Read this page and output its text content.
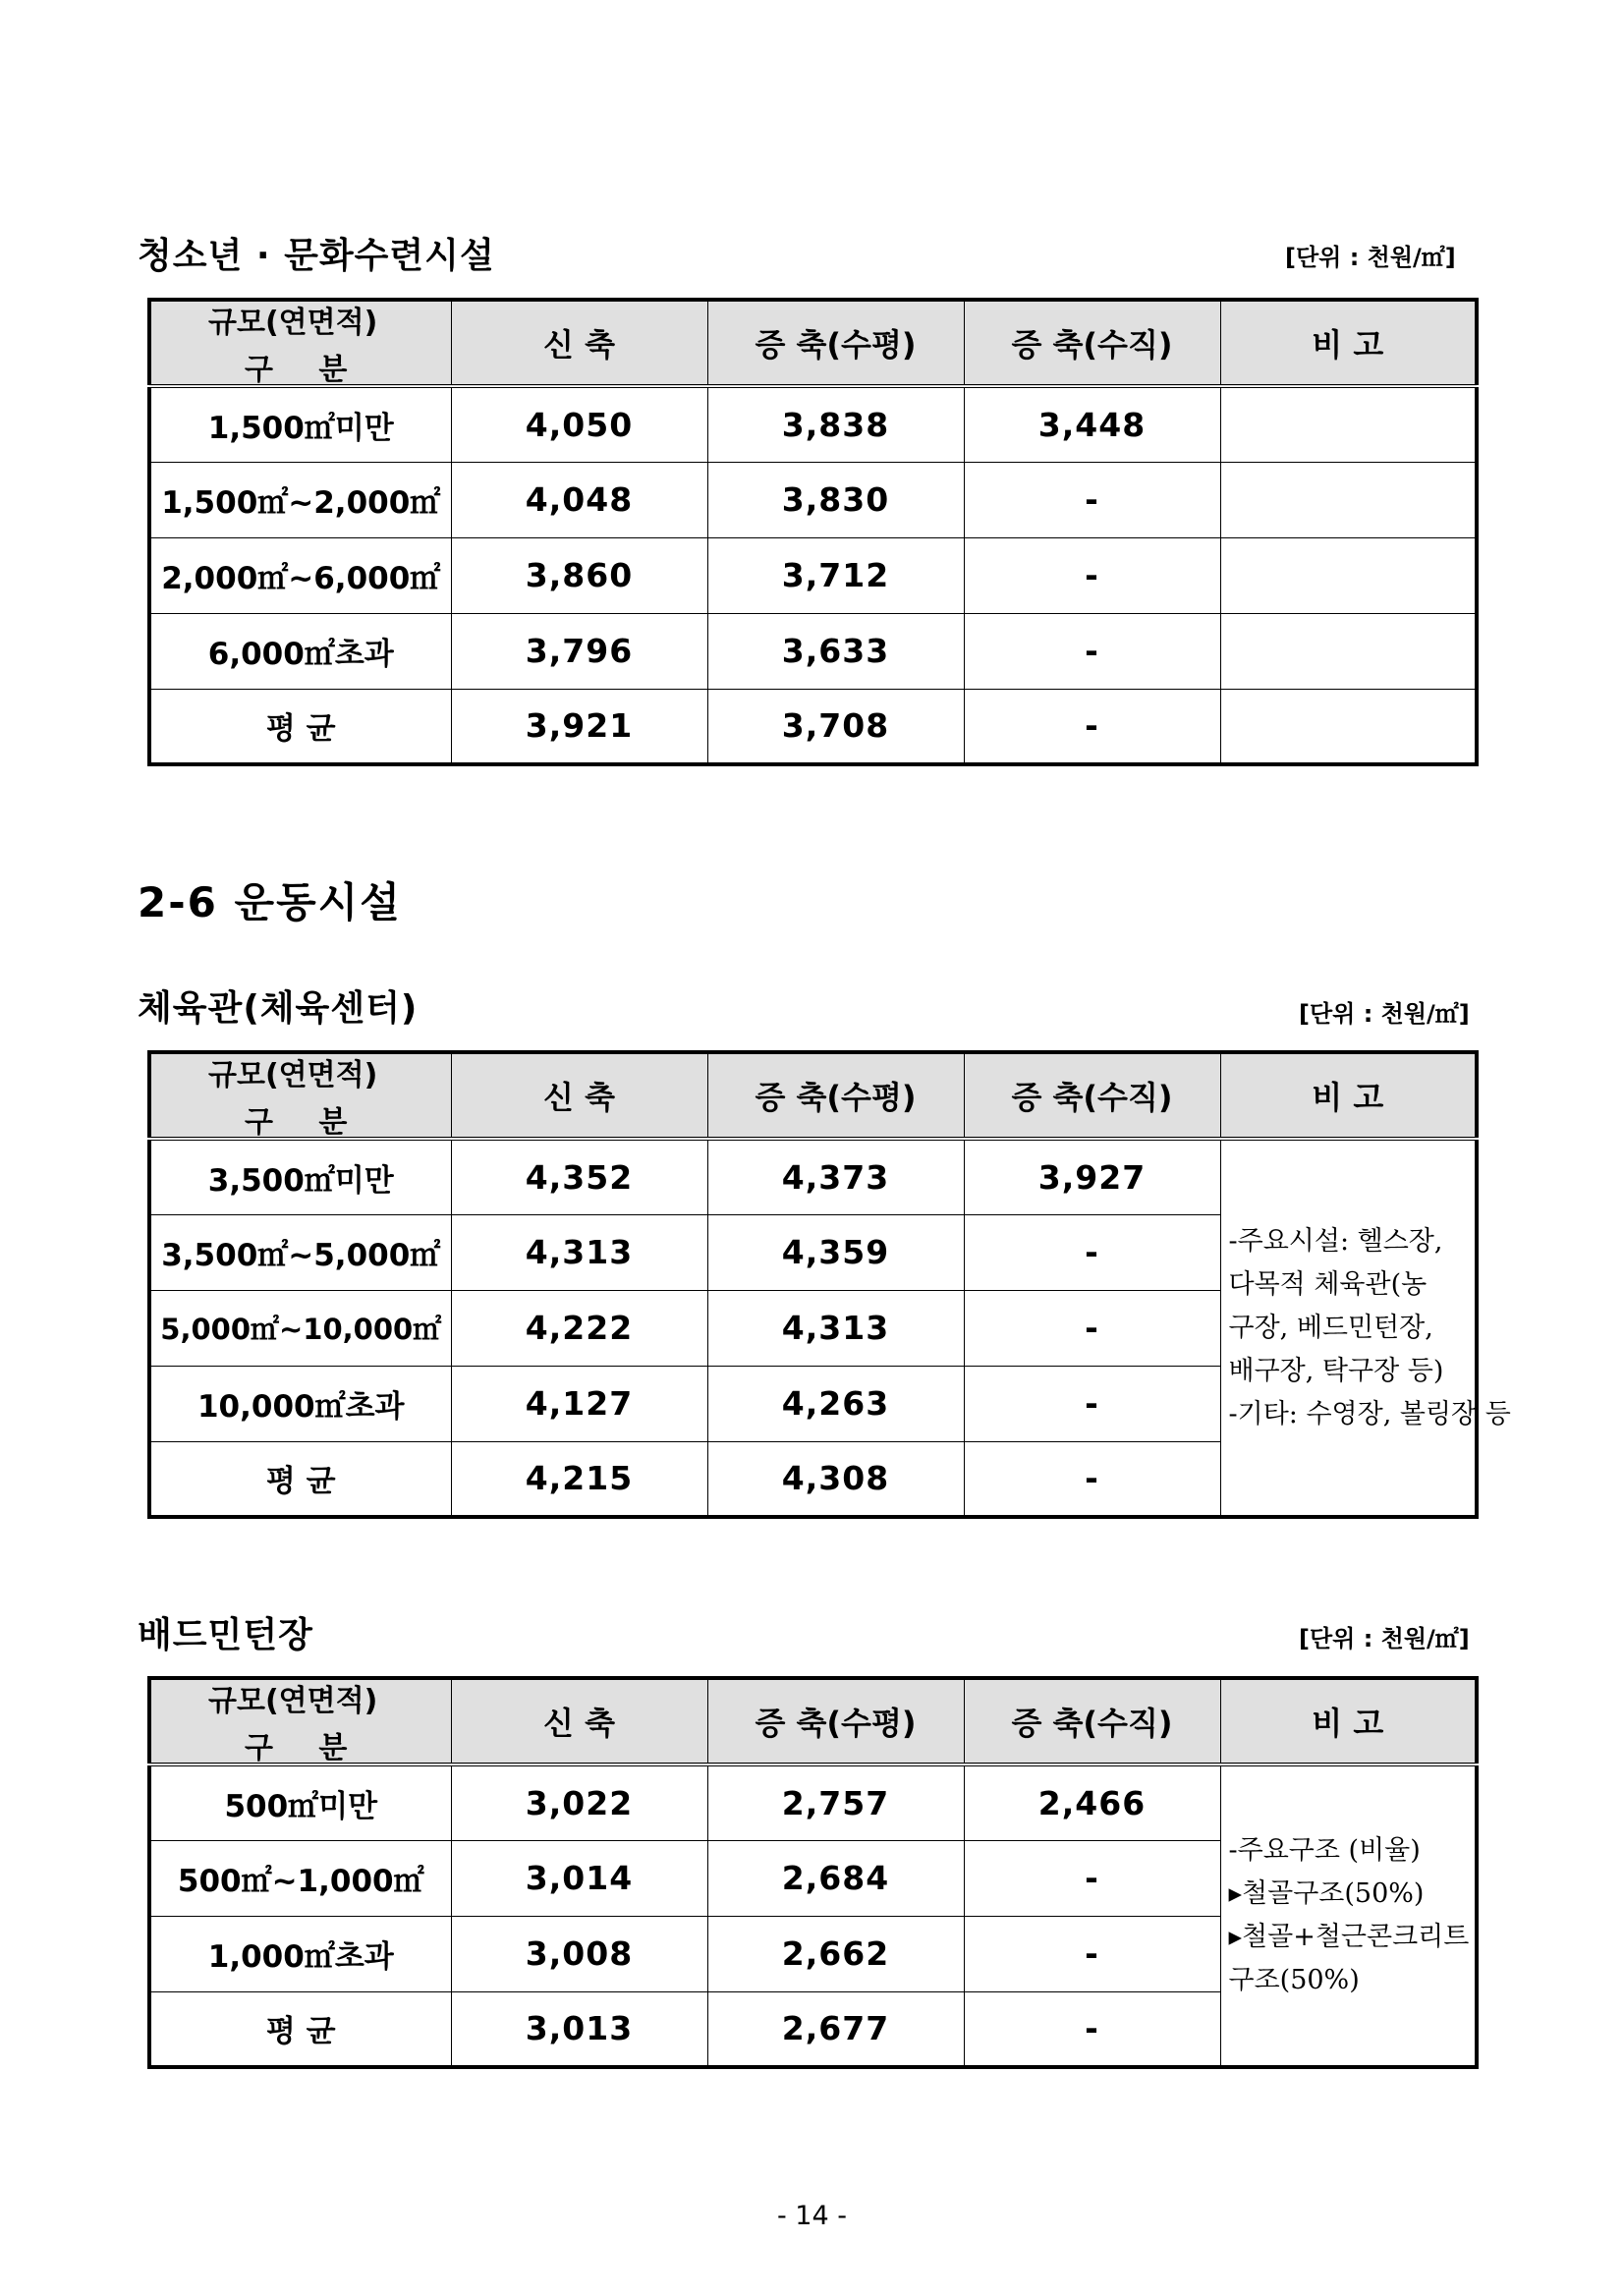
청소년 · 문화수련시설	[단위 : 천원/㎡]
구 분
규모(연면적)	신 축	증 축(수평)	증 축(수직)	비 고
1,500㎡미만	4,050	3,838	3,448	
1,500㎡~2,000㎡	4,048	3,830	-	
2,000㎡~6,000㎡	3,860	3,712	-	
6,000㎡초과	3,796	3,633	-	
평 균	3,921	3,708	-	
2-6 운동시설
체육관(체육센터)	[단위 : 천원/㎡]
구 분
규모(연면적)	신 축	증 축(수평)	증 축(수직)	비 고
3,500㎡미만	4,352	4,373	3,927	-주요시설: 헬스장,
다목적 체육관(농
구장, 베드민턴장,
배구장, 탁구장 등)
-기타: 수영장, 볼링장 등

3,500㎡~5,000㎡	4,313	4,359	-	
5,000㎡~10,000㎡	4,222	4,313	-	
10,000㎡초과	4,127	4,263	-	
평 균	4,215	4,308	-	
배드민턴장	[단위 : 천원/㎡]
구 분
규모(연면적)	신 축	증 축(수평)	증 축(수직)	비 고
500㎡미만	3,022	2,757	2,466	-주요구조 (비율)
▸철골구조(50%)
▸철골+철근콘크리트
구조(50%)

500㎡~1,000㎡	3,014	2,684	-	
1,000㎡초과	3,008	2,662	-	
평 균	3,013	2,677	-	
- 14 -
